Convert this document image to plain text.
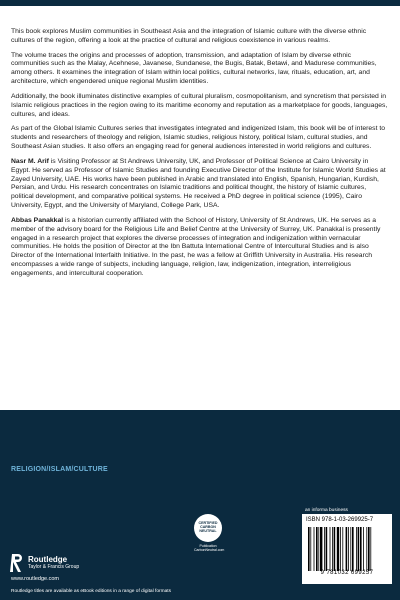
This book explores Muslim communities in Southeast Asia and the integration of Islamic culture with the diverse ethnic cultures of the region, offering a look at the practice of cultural and religious coexistence in various realms.

The volume traces the origins and processes of adoption, transmission, and adaptation of Islam by diverse ethnic communities such as the Malay, Acehnese, Javanese, Sundanese, the Bugis, Batak, Betawi, and Madurese communities, among others. It examines the integration of Islam within local politics, cultural networks, law, rituals, education, art, and architecture, which engendered unique regional Muslim identities.

Additionally, the book illuminates distinctive examples of cultural pluralism, cosmopolitanism, and syncretism that persisted in Islamic religious practices in the region owing to its maritime economy and reputation as a marketplace for goods, languages, cultures, and ideas.

As part of the Global Islamic Cultures series that investigates integrated and indigenized Islam, this book will be of interest to students and researchers of theology and religion, Islamic studies, religious history, political Islam, cultural studies, and Southeast Asian studies. It also offers an engaging read for general audiences interested in world religions and cultures.

Nasr M. Arif is Visiting Professor at St Andrews University, UK, and Professor of Political Science at Cairo University in Egypt. He served as Professor of Islamic Studies and founding Executive Director of the Institute for Islamic World Studies at Zayed University, UAE. His works have been published in Arabic and translated into English, Spanish, Hungarian, Kurdish, Persian, and Urdu. His research concentrates on Islamic traditions and political thought, the history of Islamic cultures, political development, and comparative political systems. He received a PhD degree in political science (1995), Cairo University, Egypt, and the University of Maryland, College Park, USA.

Abbas Panakkal is a historian currently affiliated with the School of History, University of St Andrews, UK. He serves as a member of the advisory board for the Religious Life and Belief Centre at the University of Surrey, UK. Panakkal is presently engaged in a research project that explores the diverse processes of integration and indigenization within vernacular communities. He holds the position of Director at the Ibn Battuta International Centre of Intercultural Studies and is also Director of the International Interfaith Initiative. In the past, he was a fellow at Griffith University in Australia. His research encompasses a wide range of subjects, including language, religion, law, indigenization, integration, interreligious engagements, and intercultural cooperation.

RELIGION/ISLAM/CULTURE
Routledge
Taylor & Francis Group
www.routledge.com
Routledge titles are available as eBook editions in a range of digital formats
CERTIFIED
CARBON
NEUTRAL
Publication
CarbonNeutral.com
an informa business
ISBN 978-1-03-269925-7
9 781032 699257
